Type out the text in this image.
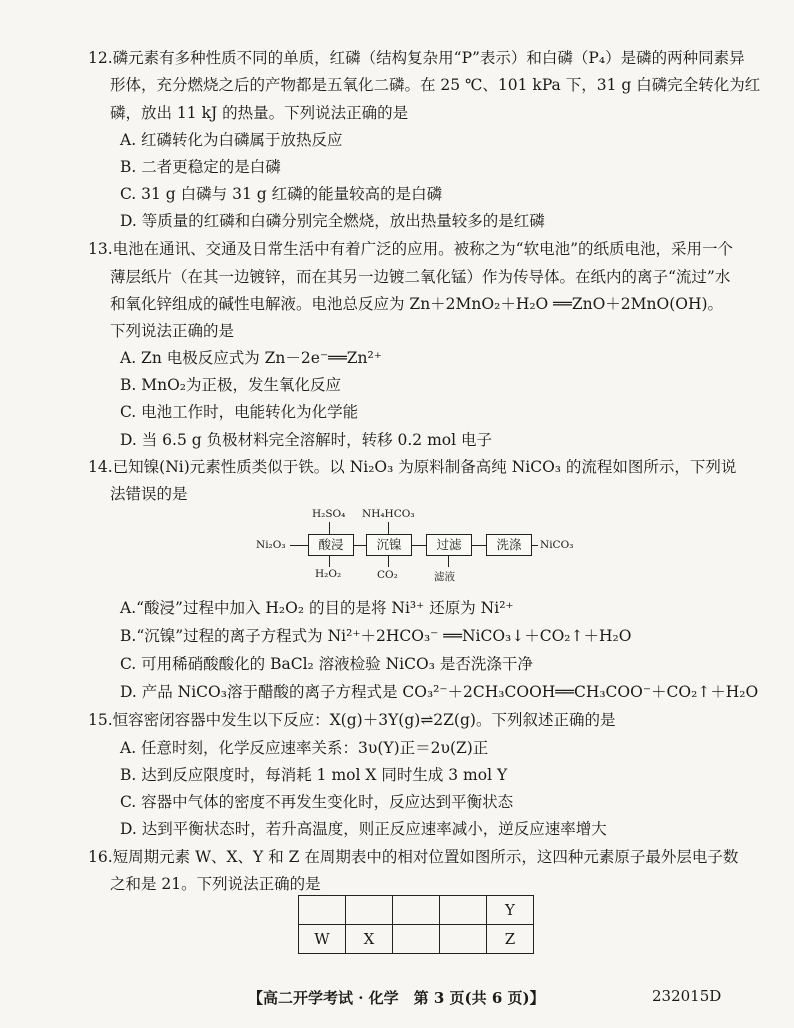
12.磷元素有多种性质不同的单质，红磷（结构复杂用“P”表示）和白磷（P₄）是磷的两种同素异
形体，充分燃烧之后的产物都是五氧化二磷。在 25 ℃、101 kPa 下，31 g 白磷完全转化为红
磷，放出 11 kJ 的热量。下列说法正确的是
A. 红磷转化为白磷属于放热反应
B. 二者更稳定的是白磷
C. 31 g 白磷与 31 g 红磷的能量较高的是白磷
D. 等质量的红磷和白磷分别完全燃烧，放出热量较多的是红磷
13.电池在通讯、交通及日常生活中有着广泛的应用。被称之为“软电池”的纸质电池，采用一个
薄层纸片（在其一边镀锌，而在其另一边镀二氧化锰）作为传导体。在纸内的离子“流过”水
和氧化锌组成的碱性电解液。电池总反应为 Zn＋2MnO₂＋H₂O ══ZnO＋2MnO(OH)。
下列说法正确的是
A. Zn 电极反应式为 Zn－2e⁻══Zn²⁺
B. MnO₂为正极，发生氧化反应
C. 电池工作时，电能转化为化学能
D. 当 6.5 g 负极材料完全溶解时，转移 0.2 mol 电子
14.已知镍(Ni)元素性质类似于铁。以 Ni₂O₃ 为原料制备高纯 NiCO₃ 的流程如图所示，下列说
法错误的是
Ni₂O₃	酸浸	沉镍	过滤	洗涤	NiCO₃
H₂SO₄
H₂O₂
NH₄HCO₃
CO₂	滤液
A.“酸浸”过程中加入 H₂O₂ 的目的是将 Ni³⁺ 还原为 Ni²⁺
B.“沉镍”过程的离子方程式为 Ni²⁺＋2HCO₃⁻ ══NiCO₃↓＋CO₂↑＋H₂O
C. 可用稀硝酸酸化的 BaCl₂ 溶液检验 NiCO₃ 是否洗涤干净
D. 产品 NiCO₃溶于醋酸的离子方程式是 CO₃²⁻＋2CH₃COOH══CH₃COO⁻＋CO₂↑＋H₂O
15.恒容密闭容器中发生以下反应：X(g)＋3Y(g)⇌2Z(g)。下列叙述正确的是
A. 任意时刻，化学反应速率关系：3υ(Y)正＝2υ(Z)正
B. 达到反应限度时，每消耗 1 mol X 同时生成 3 mol Y
C. 容器中气体的密度不再发生变化时，反应达到平衡状态
D. 达到平衡状态时，若升高温度，则正反应速率减小，逆反应速率增大
16.短周期元素 W、X、Y 和 Z 在周期表中的相对位置如图所示，这四种元素原子最外层电子数
之和是 21。下列说法正确的是
				Y
W	X			Z
【高二开学考试 · 化学　第 3 页(共 6 页)】	232015D
